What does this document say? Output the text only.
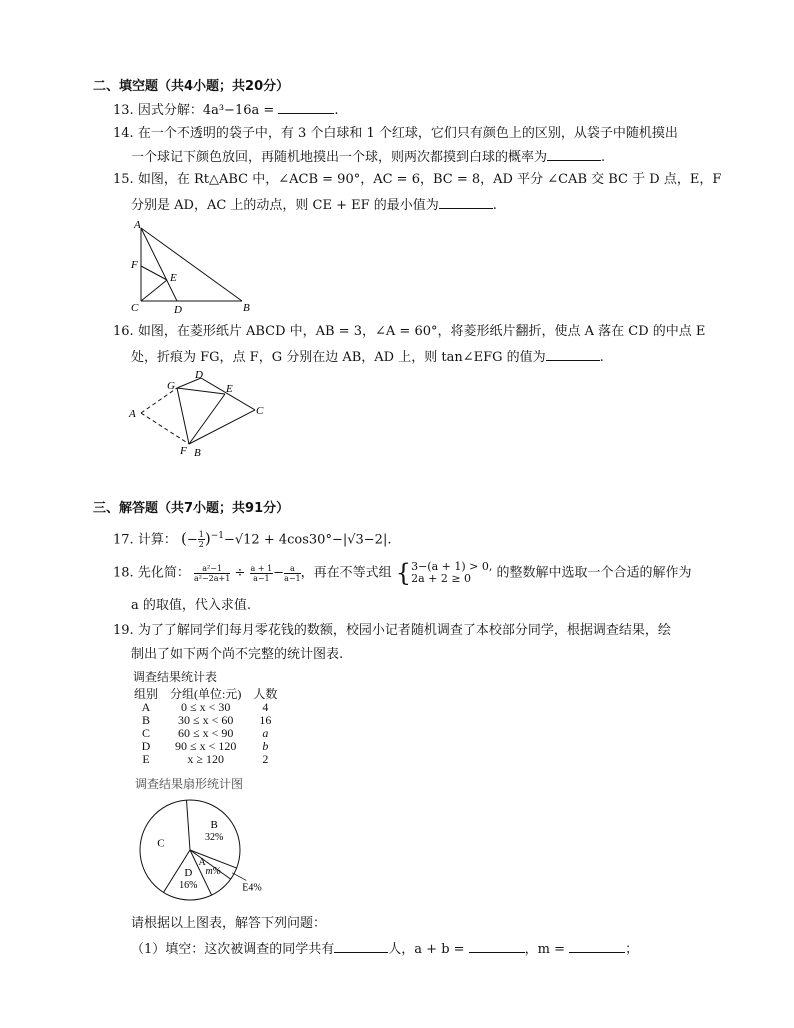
二、填空题（共4小题；共20分）
13. 因式分解：4a³−16a =	.
14. 在一个不透明的袋子中，有 3 个白球和 1 个红球，它们只有颜色上的区别，从袋子中随机摸出
一个球记下颜色放回，再随机地摸出一个球，则两次都摸到白球的概率为	.
15. 如图，在 Rt△ABC 中，∠ACB = 90°，AC = 6，BC = 8，AD 平分 ∠CAB 交 BC 于 D 点，E，F
分别是 AD，AC 上的动点，则 CE + EF 的最小值为	.
A
F
E
C	D	B
16. 如图，在菱形纸片 ABCD 中，AB = 3，∠A = 60°，将菱形纸片翻折，使点 A 落在 CD 的中点 E
处，折痕为 FG，点 F，G 分别在边 AB，AD 上，则 tan∠EFG 的值为	.
G
D
E
A	C
F B
三、解答题（共7小题；共91分）
17. 计算： (− $\frac{1}{2} )^{-1}-√12 + 4\cos 30^\circ-|√3-2|$.
18. 先化简： $\frac{\text{a²−1}}{\text{a²−2a+1}} \div \frac{a + 1}{a-1} - \frac{a}{a-1}$ ，再在不等式组 { 3−(a + 1) > 0,
2a + 2 ≥ 0	的整数解中选取一个合适的解作为
a 的取值，代入求值.
19. 为了了解同学们每月零花钱的数额，校园小记者随机调查了本校部分同学，根据调查结果，绘
制出了如下两个尚不完整的统计图表.
调查结果统计表
组别	分组(单位:元)	人数
A	0 ≤ x < 30	4
B	30 ≤ x < 60	16
C	60 ≤ x < 90	a
D	90 ≤ x < 120	b
E	x ≥ 120	2
调查结果扇形统计图
B
32%
E4%
A
m%
D
16%
C
请根据以上图表，解答下列问题：
（1）填空：这次被调查的同学共有	人，a + b =	，m =	；
